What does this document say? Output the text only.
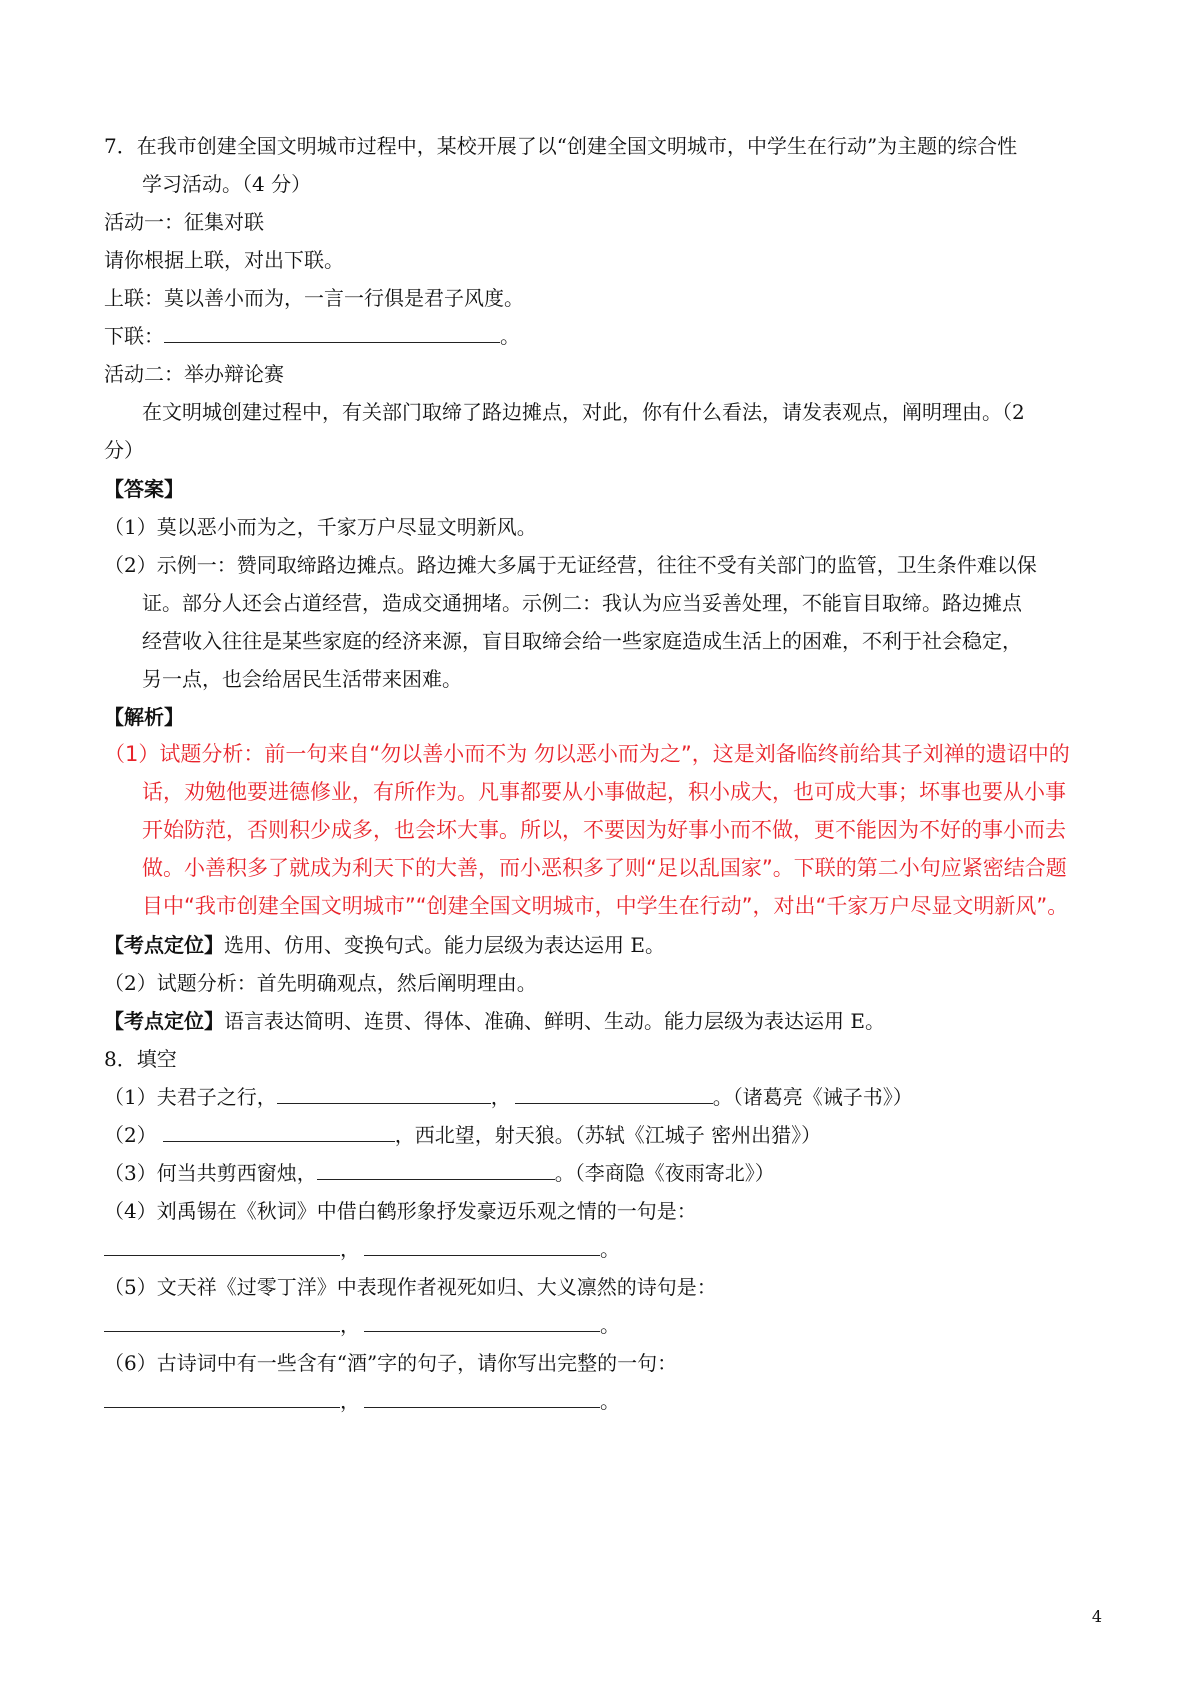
7．在我市创建全国文明城市过程中，某校开展了以“创建全国文明城市，中学生在行动”为主题的综合性
学习活动。（4 分）
活动一：征集对联
请你根据上联，对出下联。
上联：莫以善小而为，一言一行俱是君子风度。
下联：	。
活动二：举办辩论赛
在文明城创建过程中，有关部门取缔了路边摊点，对此，你有什么看法，请发表观点，阐明理由。（2
分）
【答案】
（1）莫以恶小而为之，千家万户尽显文明新风。
（2）示例一：赞同取缔路边摊点。路边摊大多属于无证经营，往往不受有关部门的监管，卫生条件难以保
证。部分人还会占道经营，造成交通拥堵。示例二：我认为应当妥善处理，不能盲目取缔。路边摊点
经营收入往往是某些家庭的经济来源，盲目取缔会给一些家庭造成生活上的困难，不利于社会稳定，
另一点，也会给居民生活带来困难。
【解析】
（1）试题分析：前一句来自“勿以善小而不为 勿以恶小而为之”，这是刘备临终前给其子刘禅的遗诏中的
话，劝勉他要进德修业，有所作为。凡事都要从小事做起，积小成大，也可成大事；坏事也要从小事
开始防范，否则积少成多，也会坏大事。所以，不要因为好事小而不做，更不能因为不好的事小而去
做。小善积多了就成为利天下的大善，而小恶积多了则“足以乱国家”。下联的第二小句应紧密结合题
目中“我市创建全国文明城市”“创建全国文明城市，中学生在行动”，对出“千家万户尽显文明新风”。
【考点定位】选用、仿用、变换句式。能力层级为表达运用 E。
（2）试题分析：首先明确观点，然后阐明理由。
【考点定位】语言表达简明、连贯、得体、准确、鲜明、生动。能力层级为表达运用 E。
8．填空
（1）夫君子之行，	，	。（诸葛亮《诫子书》）
（2）	，西北望，射天狼。（苏轼《江城子 密州出猎》）
（3）何当共剪西窗烛，	。（李商隐《夜雨寄北》）
（4）刘禹锡在《秋词》中借白鹤形象抒发豪迈乐观之情的一句是：
，	。
（5）文天祥《过零丁洋》中表现作者视死如归、大义凛然的诗句是：
，	。
（6）古诗词中有一些含有“酒”字的句子，请你写出完整的一句：
，	。
4
